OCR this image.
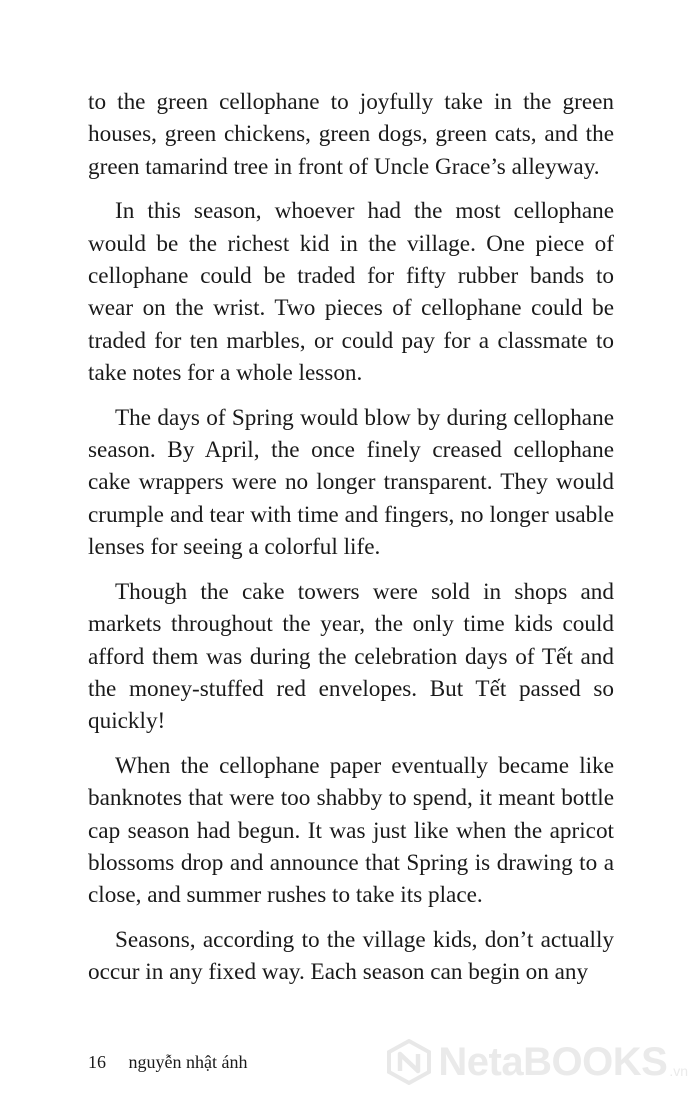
to the green cellophane to joyfully take in the green houses, green chickens, green dogs, green cats, and the green tamarind tree in front of Uncle Grace’s alleyway.

In this season, whoever had the most cellophane would be the richest kid in the village. One piece of cellophane could be traded for fifty rubber bands to wear on the wrist. Two pieces of cellophane could be traded for ten marbles, or could pay for a classmate to take notes for a whole lesson.

The days of Spring would blow by during cellophane season. By April, the once finely creased cellophane cake wrappers were no longer transparent. They would crumple and tear with time and fingers, no longer usable lenses for seeing a colorful life.

Though the cake towers were sold in shops and markets throughout the year, the only time kids could afford them was during the celebration days of Tết and the money-stuffed red envelopes. But Tết passed so quickly!

When the cellophane paper eventually became like banknotes that were too shabby to spend, it meant bottle cap season had begun. It was just like when the apricot blossoms drop and announce that Spring is drawing to a close, and summer rushes to take its place.

Seasons, according to the village kids, don’t actually occur in any fixed way. Each season can begin on any

16 nguyễn nhật ánh	NetaBOOKS .vn
